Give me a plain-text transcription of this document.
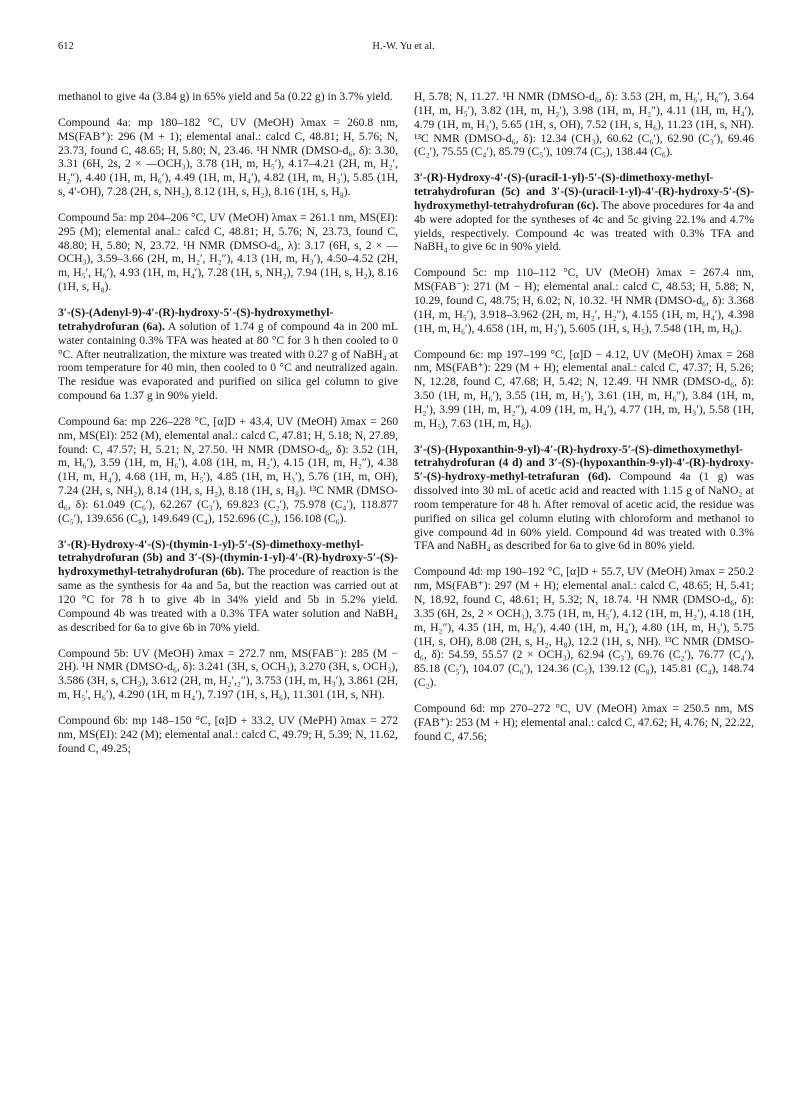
612	H.-W. Yu et al.

methanol to give 4a (3.84 g) in 65% yield and 5a (0.22 g) in 3.7% yield.

Compound 4a: mp 180–182 °C, UV (MeOH) λmax = 260.8 nm, MS(FAB⁺): 296 (M + 1); elemental anal.: calcd C, 48.81; H, 5.76; N, 23.73, found C, 48.65; H, 5.80; N, 23.46. ¹H NMR (DMSO-d₆, δ): 3.30, 3.31 (6H, 2s, 2 × —OCH₃), 3.78 (1H, m, H₅′), 4.17–4.21 (2H, m, H₂′, H₂″), 4.40 (1H, m, H₆′), 4.49 (1H, m, H₄′), 4.82 (1H, m, H₃′), 5.85 (1H, s, 4′-OH), 7.28 (2H, s, NH₂), 8.12 (1H, s, H₂), 8.16 (1H, s, H₈).

Compound 5a: mp 204–206 °C, UV (MeOH) λmax = 261.1 nm, MS(EI): 295 (M); elemental anal.: calcd C, 48.81; H, 5.76; N, 23.73, found C, 48.80; H, 5.80; N, 23.72. ¹H NMR (DMSO-d₆, λ): 3.17 (6H, s, 2 × —OCH₃), 3.59–3.66 (2H, m, H₂′, H₂″), 4.13 (1H, m, H₃′), 4.50–4.52 (2H, m, H₅′, H₆′), 4.93 (1H, m, H₄′), 7.28 (1H, s, NH₂), 7.94 (1H, s, H₂), 8.16 (1H, s, H₈).

3′-(S)-(Adenyl-9)-4′-(R)-hydroxy-5′-(S)-hydroxymethyl-tetrahydrofuran (6a). A solution of 1.74 g of compound 4a in 200 mL water containing 0.3% TFA was heated at 80 °C for 3 h then cooled to 0 °C. After neutralization, the mixture was treated with 0.27 g of NaBH₄ at room temperature for 40 min, then cooled to 0 °C and neutralized again. The residue was evaporated and purified on silica gel column to give compound 6a 1.37 g in 90% yield.

Compound 6a: mp 226–228 °C, [α]D + 43.4, UV (MeOH) λmax = 260 nm, MS(EI): 252 (M), elemental anal.: calcd C, 47.81; H, 5.18; N, 27.89, found: C, 47.57; H, 5.21; N, 27.50. ¹H NMR (DMSO-d₆, δ): 3.52 (1H, m, H₆′), 3.59 (1H, m, H₆′), 4.08 (1H, m, H₂′), 4.15 (1H, m, H₂″), 4.38 (1H, m, H₄′), 4.68 (1H, m, H₅′), 4.85 (1H, m, H₃′), 5.76 (1H, m, OH), 7.24 (2H, s, NH₂), 8.14 (1H, s, H₂), 8.18 (1H, s, H₈). ¹³C NMR (DMSO-d₆, δ): 61.049 (C₆′), 62.267 (C₃′), 69.823 (C₂′), 75.978 (C₄′), 118.877 (C₅′), 139.656 (C₈), 149.649 (C₄), 152.696 (C₂), 156.108 (C₆).

3′-(R)-Hydroxy-4′-(S)-(thymin-1-yl)-5′-(S)-dimethoxy-methyl-tetrahydrofuran (5b) and 3′-(S)-(thymin-1-yl)-4′-(R)-hydroxy-5′-(S)-hydroxymethyl-tetrahydrofuran (6b). The procedure of reaction is the same as the synthesis for 4a and 5a, but the reaction was carried out at 120 °C for 78 h to give 4b in 34% yield and 5b in 5.2% yield. Compound 4b was treated with a 0.3% TFA water solution and NaBH₄ as described for 6a to give 6b in 70% yield.

Compound 5b: UV (MeOH) λmax = 272.7 nm, MS(FAB⁻): 285 (M − 2H). ¹H NMR (DMSO-d₆, δ): 3.241 (3H, s, OCH₃), 3.270 (3H, s, OCH₃), 3.586 (3H, s, CH₃), 3.612 (2H, m, H₂′,₂″), 3.753 (1H, m, H₃′), 3.861 (2H, m, H₅′, H₆′), 4.290 (1H, m H₄′), 7.197 (1H, s, H₆), 11.301 (1H, s, NH).

Compound 6b: mp 148–150 °C, [α]D + 33.2, UV (MePH) λmax = 272 nm, MS(EI): 242 (M); elemental anal.: calcd C, 49.79; H, 5.39; N, 11.62, found C, 49.25;

H, 5.78; N, 11.27. ¹H NMR (DMSO-d₆, δ): 3.53 (2H, m, H₆′, H₆″), 3.64 (1H, m, H₅′), 3.82 (1H, m, H₂′), 3.98 (1H, m, H₂″), 4.11 (1H, m, H₄′), 4.79 (1H, m, H₃′), 5.65 (1H, s, OH), 7.52 (1H, s, H₆), 11.23 (1H, s, NH). ¹³C NMR (DMSO-d₆, δ): 12.34 (CH₃), 60.62 (C₆′), 62.90 (C₃′), 69.46 (C₂′), 75.55 (C₄′), 85.79 (C₅′), 109.74 (C₅), 138.44 (C₆).

3′-(R)-Hydroxy-4′-(S)-(uracil-1-yl)-5′-(S)-dimethoxy-methyl-tetrahydrofuran (5c) and 3′-(S)-(uracil-1-yl)-4′-(R)-hydroxy-5′-(S)-hydroxymethyl-tetrahydrofuran (6c). The above procedures for 4a and 4b were adopted for the syntheses of 4c and 5c giving 22.1% and 4.7% yields, respectively. Compound 4c was treated with 0.3% TFA and NaBH₄ to give 6c in 90% yield.

Compound 5c: mp 110–112 °C, UV (MeOH) λmax = 267.4 nm, MS(FAB⁻): 271 (M − H); elemental anal.: calcd C, 48.53; H, 5.88; N, 10.29, found C, 48.75; H, 6.02; N, 10.32. ¹H NMR (DMSO-d₆, δ): 3.368 (1H, m, H₅′), 3.918–3.962 (2H, m, H₂′, H₂″), 4.155 (1H, m, H₄′), 4.398 (1H, m, H₆′), 4.658 (1H, m, H₃′), 5.605 (1H, s, H₅), 7.548 (1H, m, H₆).

Compound 6c: mp 197–199 °C, [α]D − 4.12, UV (MeOH) λmax = 268 nm, MS(FAB⁺): 229 (M + H); elemental anal.: calcd C, 47.37; H, 5.26; N, 12.28, found C, 47.68; H, 5.42; N, 12.49. ¹H NMR (DMSO-d₆, δ): 3.50 (1H, m, H₆′), 3.55 (1H, m, H₅′), 3.61 (1H, m, H₆″), 3.84 (1H, m, H₂′), 3.99 (1H, m, H₂″), 4.09 (1H, m, H₄′), 4.77 (1H, m, H₃′), 5.58 (1H, m, H₅), 7.63 (1H, m, H₆).

3′-(S)-(Hypoxanthin-9-yl)-4′-(R)-hydroxy-5′-(S)-dimethoxymethyl-tetrahydrofuran (4 d) and 3′-(S)-(hypoxanthin-9-yl)-4′-(R)-hydroxy-5′-(S)-hydroxy-methyl-tetrafuran (6d). Compound 4a (1 g) was dissolved into 30 mL of acetic acid and reacted with 1.15 g of NaNO₂ at room temperature for 48 h. After removal of acetic acid, the residue was purified on silica gel column eluting with chloroform and methanol to give compound 4d in 60% yield. Compound 4d was treated with 0.3% TFA and NaBH₄ as described for 6a to give 6d in 80% yield.

Compound 4d: mp 190–192 °C, [α]D + 55.7, UV (MeOH) λmax = 250.2 nm, MS(FAB⁺): 297 (M + H); elemental anal.: calcd C, 48.65; H, 5.41; N, 18.92, found C, 48.61; H, 5.32; N, 18.74. ¹H NMR (DMSO-d₆, δ): 3.35 (6H, 2s, 2 × OCH₃), 3.75 (1H, m, H₅′), 4.12 (1H, m, H₂′), 4.18 (1H, m, H₂″), 4.35 (1H, m, H₆′), 4.40 (1H, m, H₄′), 4.80 (1H, m, H₃′), 5.75 (1H, s, OH), 8.08 (2H, s, H₂, H₈), 12.2 (1H, s, NH). ¹³C NMR (DMSO-d₆, δ): 54.59, 55.57 (2 × OCH₃), 62.94 (C₃′), 69.76 (C₂′), 76.77 (C₄′), 85.18 (C₅′), 104.07 (C₆′), 124.36 (C₅), 139.12 (C₈), 145.81 (C₄), 148.74 (C₂).

Compound 6d: mp 270–272 °C, UV (MeOH) λmax = 250.5 nm, MS (FAB⁺): 253 (M + H); elemental anal.: calcd C, 47.62; H, 4.76; N, 22.22, found C, 47.56;
